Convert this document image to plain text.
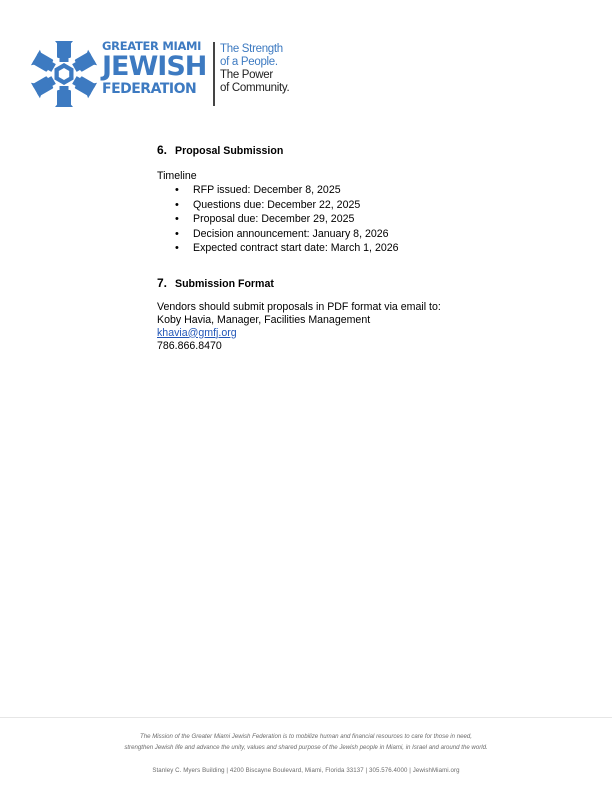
GREATER MIAMI
JEWISH
FEDERATION
The Strength
of a People.
The Power
of Community.
6. Proposal Submission
Timeline
• RFP issued: December 8, 2025
• Questions due: December 22, 2025
• Proposal due: December 29, 2025
• Decision announcement: January 8, 2026
• Expected contract start date: March 1, 2026
7. Submission Format
Vendors should submit proposals in PDF format via email to:
Koby Havia, Manager, Facilities Management
khavia@gmfj.org
786.866.8470
The Mission of the Greater Miami Jewish Federation is to mobilize human and financial resources to care for those in need,
strengthen Jewish life and advance the unity, values and shared purpose of the Jewish people in Miami, in Israel and around the world.
Stanley C. Myers Building | 4200 Biscayne Boulevard, Miami, Florida 33137 | 305.576.4000 | JewishMiami.org
